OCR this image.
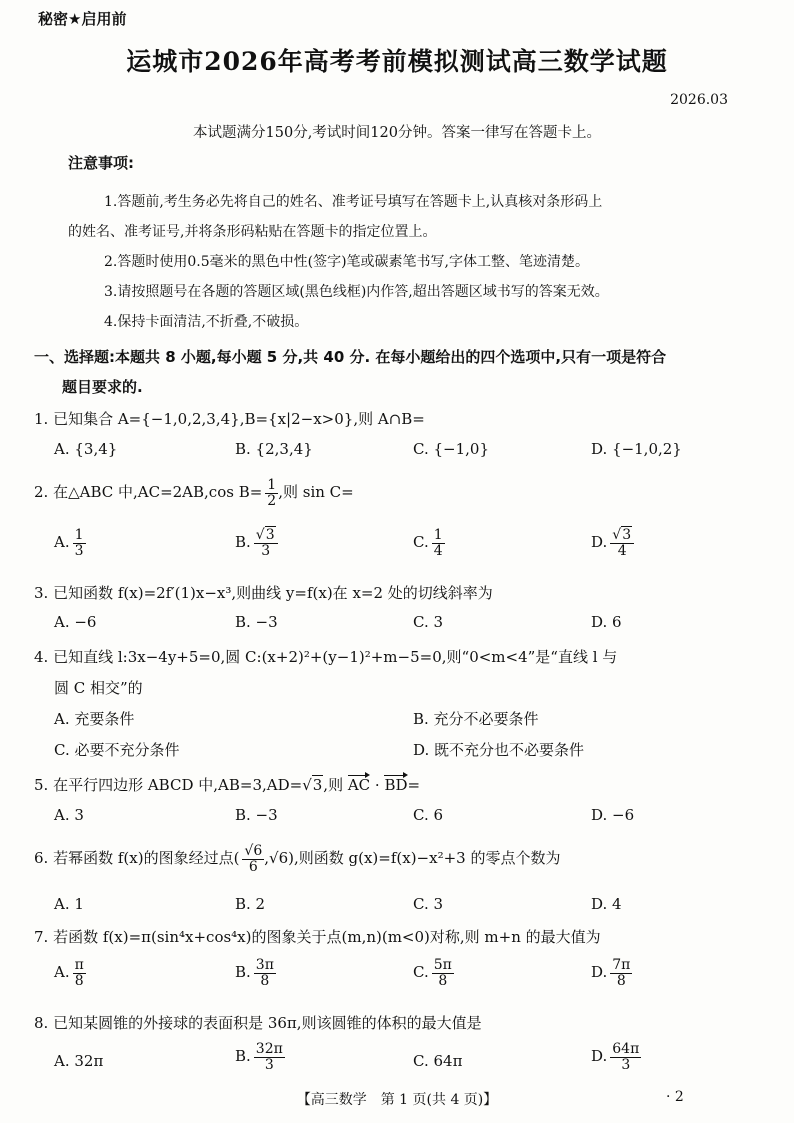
秘密★启用前
运城市2026年高考考前模拟测试高三数学试题
2026.03
本试题满分150分,考试时间120分钟。答案一律写在答题卡上。
注意事项:
1.答题前,考生务必先将自己的姓名、准考证号填写在答题卡上,认真核对条形码上
的姓名、准考证号,并将条形码粘贴在答题卡的指定位置上。
2.答题时使用0.5毫米的黑色中性(签字)笔或碳素笔书写,字体工整、笔迹清楚。
3.请按照题号在各题的答题区域(黑色线框)内作答,超出答题区域书写的答案无效。
4.保持卡面清洁,不折叠,不破损。
一、选择题:本题共 8 小题,每小题 5 分,共 40 分. 在每小题给出的四个选项中,只有一项是符合
题目要求的.
1. 已知集合 A={−1,0,2,3,4},B={x|2−x>0},则 A∩B=
A. {3,4}	B. {2,3,4}	C. {−1,0}	D. {−1,0,2}
2. 在△ABC 中,AC=2AB,cos $B= \frac{1}{2}$ ,则 sin C=
A. $\frac{1}{3}$	B. $\frac{√3}{3}$	C. $\frac{1}{4}$	D. $\frac{√3}{4}$
3. 已知函数 f(x)=2f′(1)x−x³,则曲线 y=f(x)在 x=2 处的切线斜率为
A. −6	B. −3	C. 3	D. 6
4. 已知直线 l:3x−4y+5=0,圆 C:(x+2)²+(y−1)²+m−5=0,则“0<m<4”是“直线 l 与
圆 C 相交”的
A. 充要条件	B. 充分不必要条件
C. 必要不充分条件	D. 既不充分也不必要条件
5. 在平行四边形 ABCD 中,AB=3,AD=√3,则 AC · BD=
A. 3	B. −3	C. 6	D. −6
6. 若幂函数 f(x)的图象经过点( $\frac{√6}{6} ,√6$),则函数 g(x)=f(x)−x²+3 的零点个数为
A. 1	B. 2	C. 3	D. 4
7. 若函数 f(x)=π(sin⁴x+cos⁴x)的图象关于点(m,n)(m<0)对称,则 m+n 的最大值为
A. $\frac{\pi}{8}$	B. $\frac{3\pi}{8}$	C. $\frac{5\pi}{8}$	D. $\frac{7\pi}{8}$
8. 已知某圆锥的外接球的表面积是 36π,则该圆锥的体积的最大值是
A. 32π	B. $\frac{32\pi}{3}$	C. 64π	D. $\frac{64\pi}{3}$
【高三数学　第 1 页(共 4 页)】	· 2
